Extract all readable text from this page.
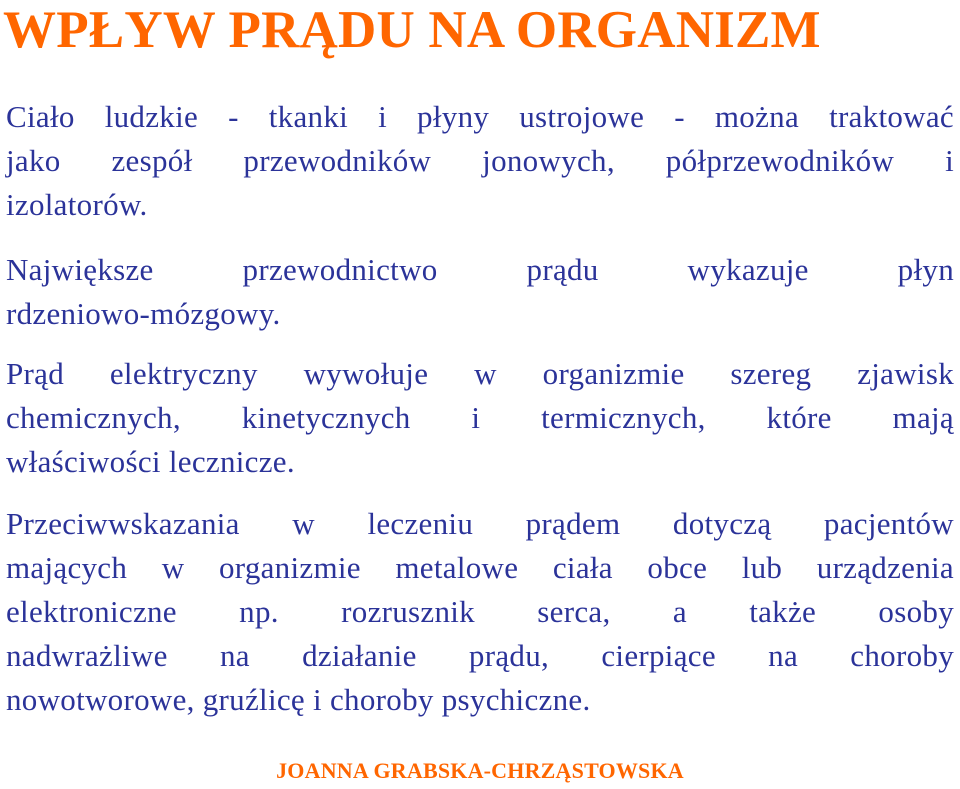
WPŁYW PRĄDU NA ORGANIZM

Ciało ludzkie - tkanki i płyny ustrojowe - można traktować
jako zespół przewodników jonowych, półprzewodników i
izolatorów.

Największe przewodnictwo prądu wykazuje płyn
rdzeniowo-mózgowy.

Prąd elektryczny wywołuje w organizmie szereg zjawisk
chemicznych, kinetycznych i termicznych, które mają
właściwości lecznicze.

Przeciwwskazania w leczeniu prądem dotyczą pacjentów
mających w organizmie metalowe ciała obce lub urządzenia
elektroniczne np. rozrusznik serca, a także osoby
nadwrażliwe na działanie prądu, cierpiące na choroby
nowotworowe, gruźlicę i choroby psychiczne.

JOANNA GRABSKA-CHRZĄSTOWSKA
